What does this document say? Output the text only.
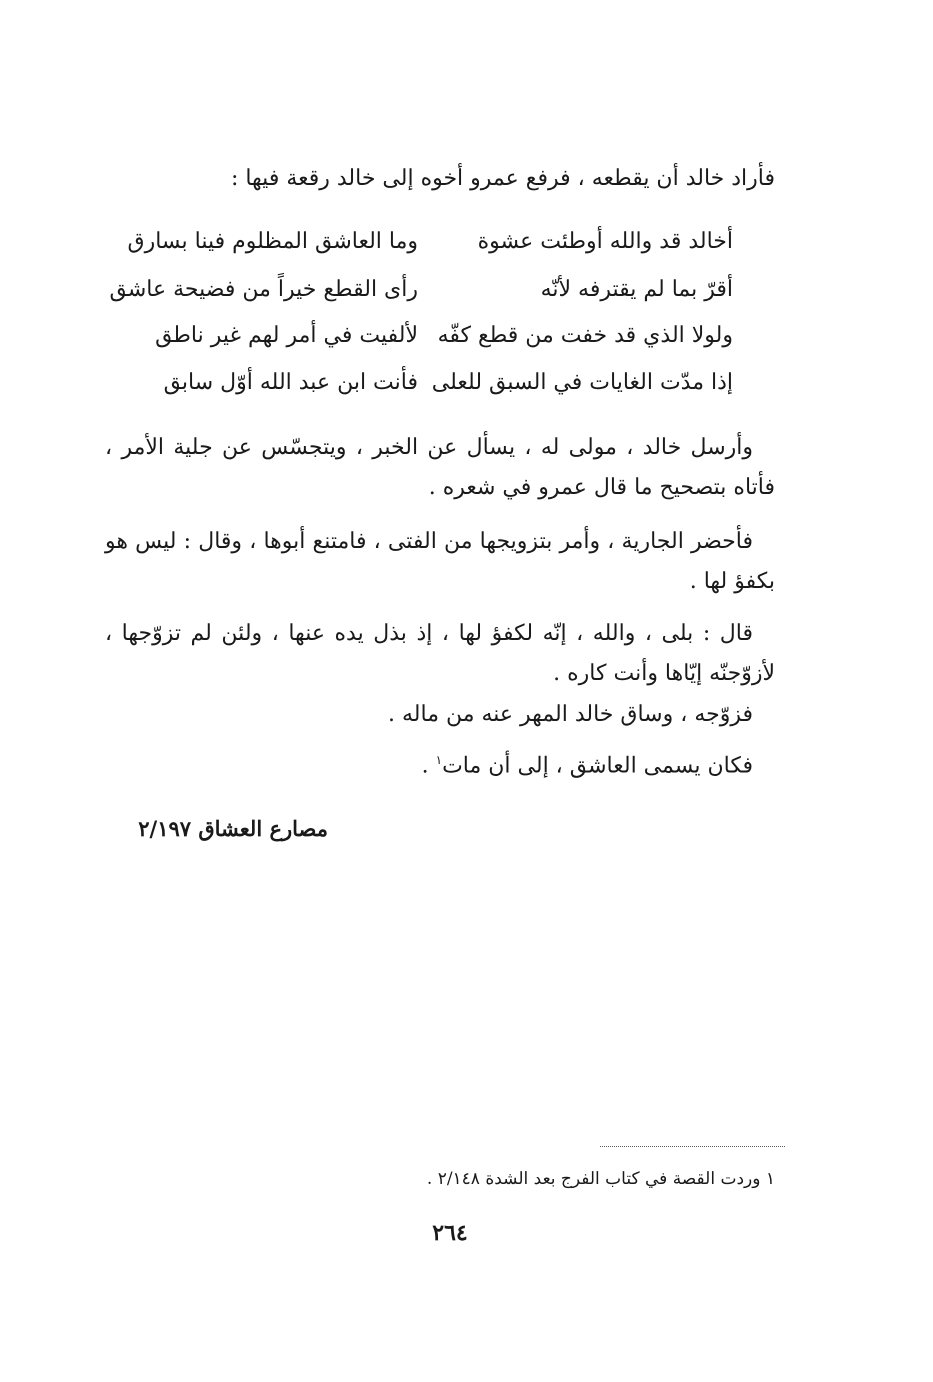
فأراد خالد أن يقطعه ، فرفع عمرو أخوه إلى خالد رقعة فيها :
أخالد قد والله أوطئت عشوة
وما العاشق المظلوم فينا بسارق
أقرّ بما لم يقترفه لأنّه
رأى القطع خيراً من فضيحة عاشق
ولولا الذي قد خفت من قطع كفّه
لألفيت في أمر لهم غير ناطق
إذا مدّت الغايات في السبق للعلى
فأنت ابن عبد الله أوّل سابق

وأرسل خالد ، مولى له ، يسأل عن الخبر ، ويتجسّس عن جلية الأمر ، فأتاه بتصحيح ما قال عمرو في شعره .

فأحضر الجارية ، وأمر بتزويجها من الفتى ، فامتنع أبوها ، وقال : ليس هو بكفؤ لها .

قال : بلى ، والله ، إنّه لكفؤ لها ، إذ بذل يده عنها ، ولئن لم تزوّجها ، لأزوّجنّه إيّاها وأنت كاره .

فزوّجه ، وساق خالد المهر عنه من ماله .
فكان يسمى العاشق ، إلى أن مات$^١$ .
مصارع العشاق ٢/١٩٧
١ وردت القصة في كتاب الفرج بعد الشدة ٢/١٤٨ .
٢٦٤
